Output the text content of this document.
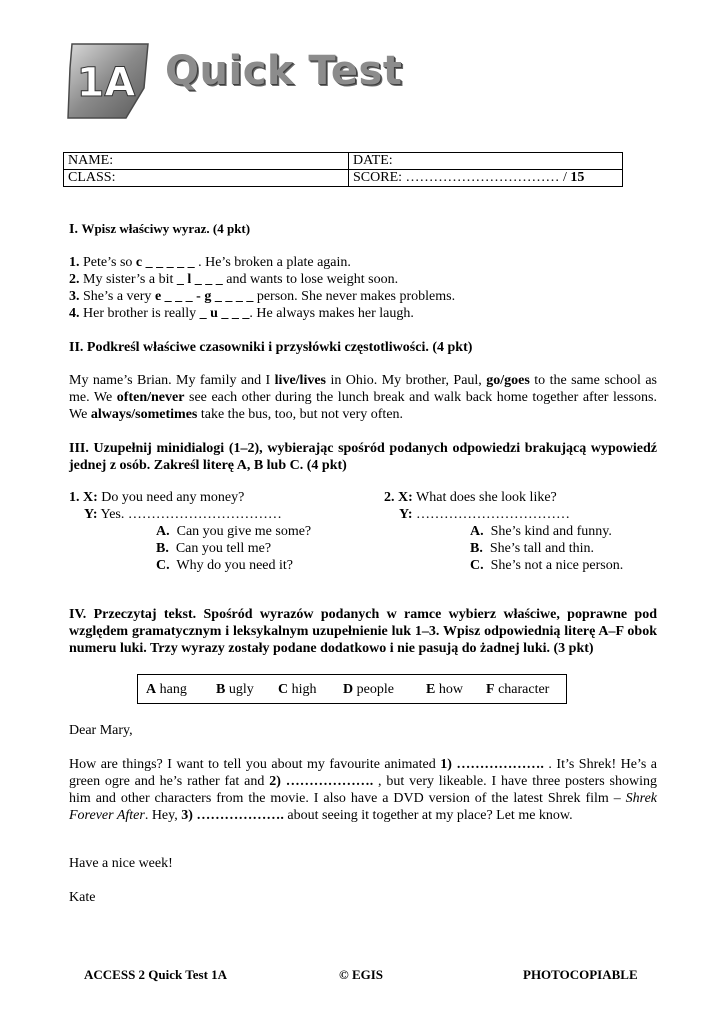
1A Quick Test
NAME:	DATE:
CLASS:	SCORE: …………………………… / 15
I. Wpisz właściwy wyraz. (4 pkt)
1. Pete’s so c _ _ _ _ _ . He’s broken a plate again.
2. My sister’s a bit _ l _ _ _ and wants to lose weight soon.
3. She’s a very e _ _ _ - g _ _ _ _ person. She never makes problems.
4. Her brother is really _ u _ _ _. He always makes her laugh.
II. Podkreśl właściwe czasowniki i przysłówki częstotliwości. (4 pkt)
My name’s Brian. My family and I live/lives in Ohio. My brother, Paul, go/goes to the same school as me. We often/never see each other during the lunch break and walk back home together after lessons. We always/sometimes take the bus, too, but not very often.
III. Uzupełnij minidialogi (1–2), wybierając spośród podanych odpowiedzi brakującą wypowiedź jednej z osób. Zakreśl literę A, B lub C. (4 pkt)
1. X: Do you need any money?
Y: Yes. ……………………………
A. Can you give me some?
B. Can you tell me?
C. Why do you need it?
2. X: What does she look like?
Y: ……………………………
A. She’s kind and funny.
B. She’s tall and thin.
C. She’s not a nice person.
IV. Przeczytaj tekst. Spośród wyrazów podanych w ramce wybierz właściwe, poprawne pod względem gramatycznym i leksykalnym uzupełnienie luk 1–3. Wpisz odpowiednią literę A–F obok numeru luki. Trzy wyrazy zostały podane dodatkowo i nie pasują do żadnej luki. (3 pkt)
A hang B ugly C high D people E how F character
Dear Mary,
How are things? I want to tell you about my favourite animated 1) ………………. . It’s Shrek! He’s a green ogre and he’s rather fat and 2) ………………. , but very likeable. I have three posters showing him and other characters from the movie. I also have a DVD version of the latest Shrek film – Shrek Forever After. Hey, 3) ………………. about seeing it together at my place? Let me know.
Have a nice week!
Kate
ACCESS 2 Quick Test 1A	© EGIS	PHOTOCOPIABLE
